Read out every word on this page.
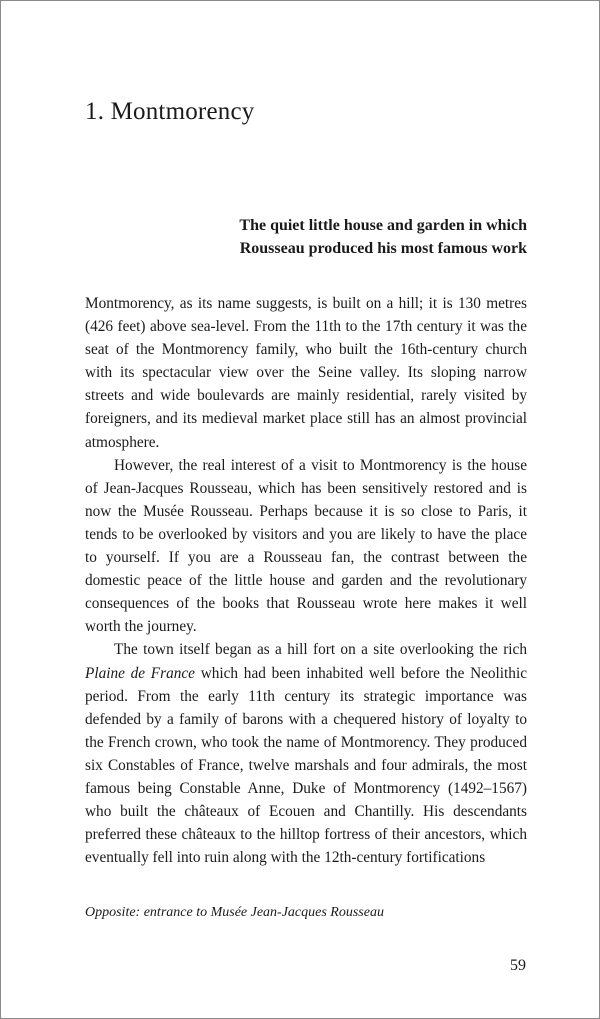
1. Montmorency
The quiet little house and garden in which
Rousseau produced his most famous work

Montmorency, as its name suggests, is built on a hill; it is 130 metres (426 feet) above sea-level. From the 11th to the 17th century it was the seat of the Montmorency family, who built the 16th-century church with its spectacular view over the Seine valley. Its sloping narrow streets and wide boulevards are mainly residential, rarely visited by foreigners, and its medieval market place still has an almost provincial atmosphere.

However, the real interest of a visit to Montmorency is the house of Jean-Jacques Rousseau, which has been sensitively restored and is now the Musée Rousseau. Perhaps because it is so close to Paris, it tends to be overlooked by visitors and you are likely to have the place to yourself. If you are a Rousseau fan, the contrast between the domestic peace of the little house and garden and the revolutionary consequences of the books that Rousseau wrote here makes it well worth the journey.

The town itself began as a hill fort on a site overlooking the rich Plaine de France which had been inhabited well before the Neolithic period. From the early 11th century its strategic importance was defended by a family of barons with a chequered history of loyalty to the French crown, who took the name of Montmorency. They produced six Constables of France, twelve marshals and four admirals, the most famous being Constable Anne, Duke of Montmorency (1492–1567) who built the châteaux of Ecouen and Chantilly. His descendants preferred these châteaux to the hilltop fortress of their ancestors, which eventually fell into ruin along with the 12th-century fortifications

Opposite: entrance to Musée Jean-Jacques Rousseau
59
